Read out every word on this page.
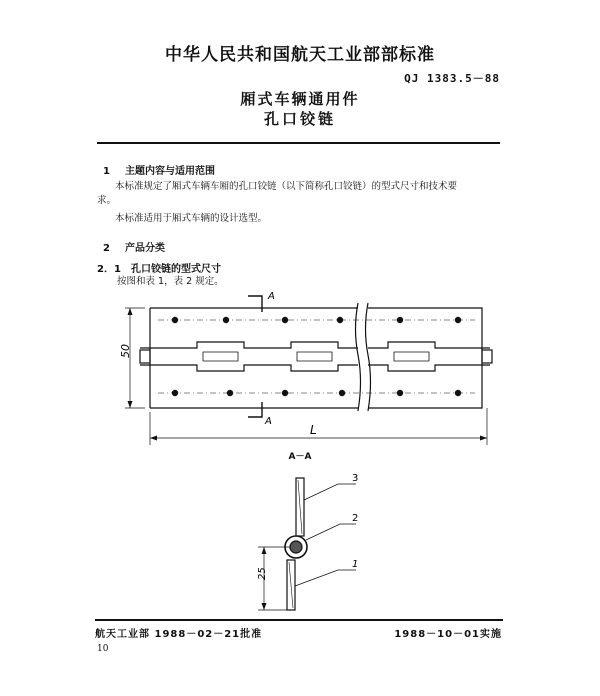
中华人民共和国航天工业部部标准
QJ 1383.5－88
厢式车辆通用件
孔口铰链
1 主题内容与适用范围
本标准规定了厢式车辆车厢的孔口铰链（以下简称孔口铰链）的型式尺寸和技术要
求。
本标准适用于厢式车辆的设计选型。
2 产品分类
2．1 孔口铰链的型式尺寸
按图和表 1，表 2 规定。
A
A
50
L
A－A
3
2
1
25
航天工业部 1988－02－21批准	1988－10－01实施
10
